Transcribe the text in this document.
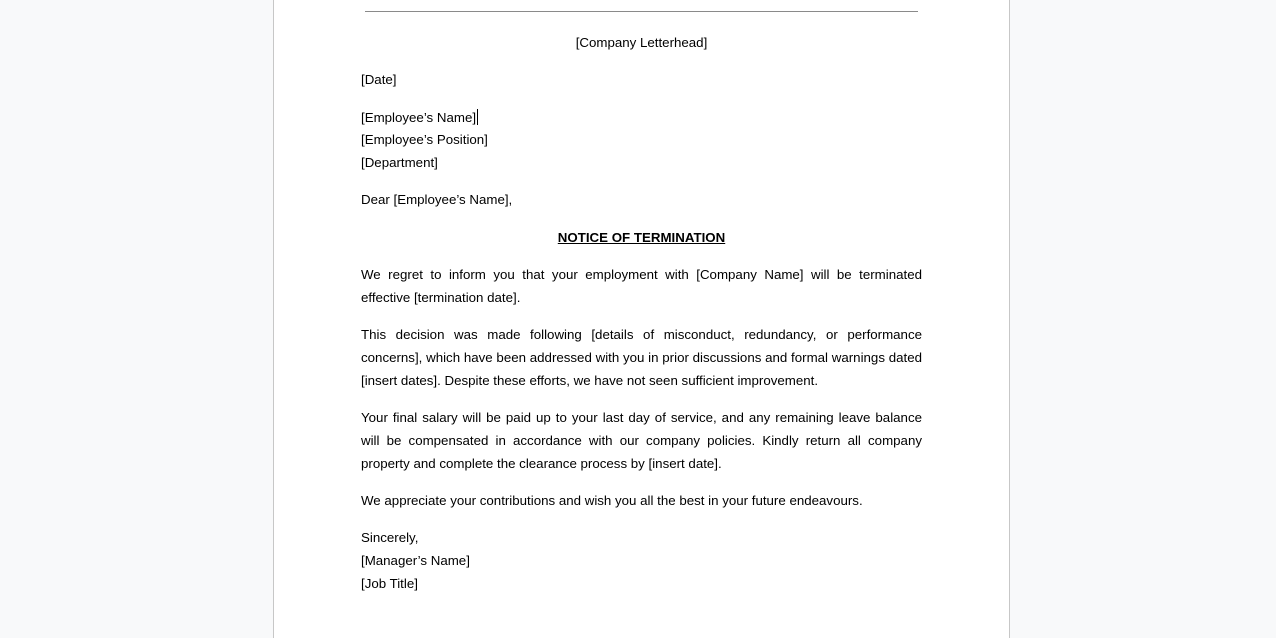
[Company Letterhead]

[Date]

[Employee’s Name]
[Employee’s Position]
[Department]

Dear [Employee’s Name],

NOTICE OF TERMINATION

We regret to inform you that your employment with [Company Name] will be terminated effective [termination date].

This decision was made following [details of misconduct, redundancy, or performance concerns], which have been addressed with you in prior discussions and formal warnings dated [insert dates]. Despite these efforts, we have not seen sufficient improvement.

Your final salary will be paid up to your last day of service, and any remaining leave balance will be compensated in accordance with our company policies. Kindly return all company property and complete the clearance process by [insert date].

We appreciate your contributions and wish you all the best in your future endeavours.

Sincerely,
[Manager’s Name]
[Job Title]
